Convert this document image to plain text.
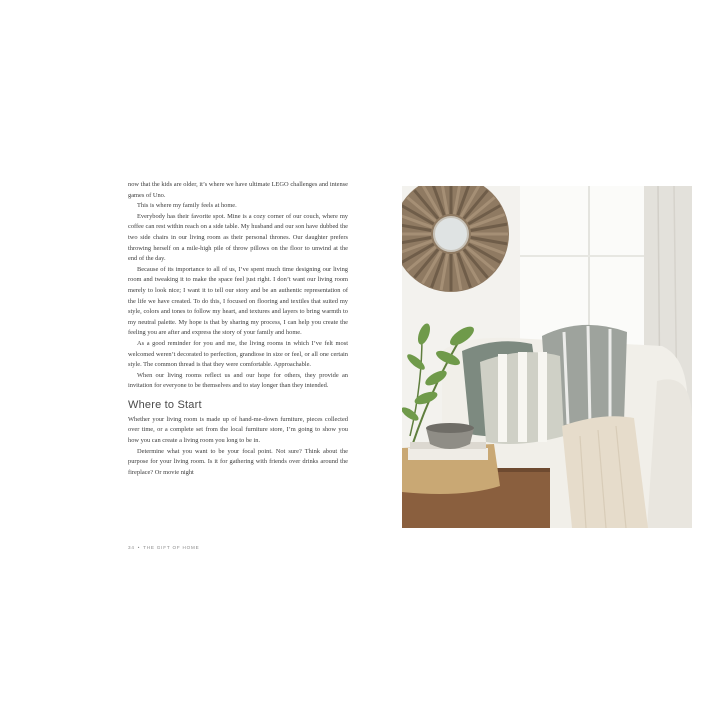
now that the kids are older, it’s where we have ultimate LEGO challenges and intense games of Uno.

This is where my family feels at home.

Everybody has their favorite spot. Mine is a cozy corner of our couch, where my coffee can rest within reach on a side table. My husband and our son have dubbed the two side chairs in our living room as their personal thrones. Our daughter prefers throwing herself on a mile-high pile of throw pillows on the floor to unwind at the end of the day.

Because of its importance to all of us, I’ve spent much time designing our living room and tweaking it to make the space feel just right. I don’t want our living room merely to look nice; I want it to tell our story and be an authentic representation of the life we have created. To do this, I focused on flooring and textiles that suited my style, colors and tones to follow my heart, and textures and layers to bring warmth to my neutral palette. My hope is that by sharing my process, I can help you create the feeling you are after and express the story of your family and home.

As a good reminder for you and me, the living rooms in which I’ve felt most welcomed weren’t decorated to perfection, grandiose in size or feel, or all one certain style. The common thread is that they were comfortable. Approachable.

When our living rooms reflect us and our hope for others, they provide an invitation for everyone to be themselves and to stay longer than they intended.

Where to Start

Whether your living room is made up of hand-me-down furniture, pieces collected over time, or a complete set from the local furniture store, I’m going to show you how you can create a living room you long to be in.

Determine what you want to be your focal point. Not sure? Think about the purpose for your living room. Is it for gathering with friends over drinks around the fireplace? Or movie night

34 • THE GIFT OF HOME
